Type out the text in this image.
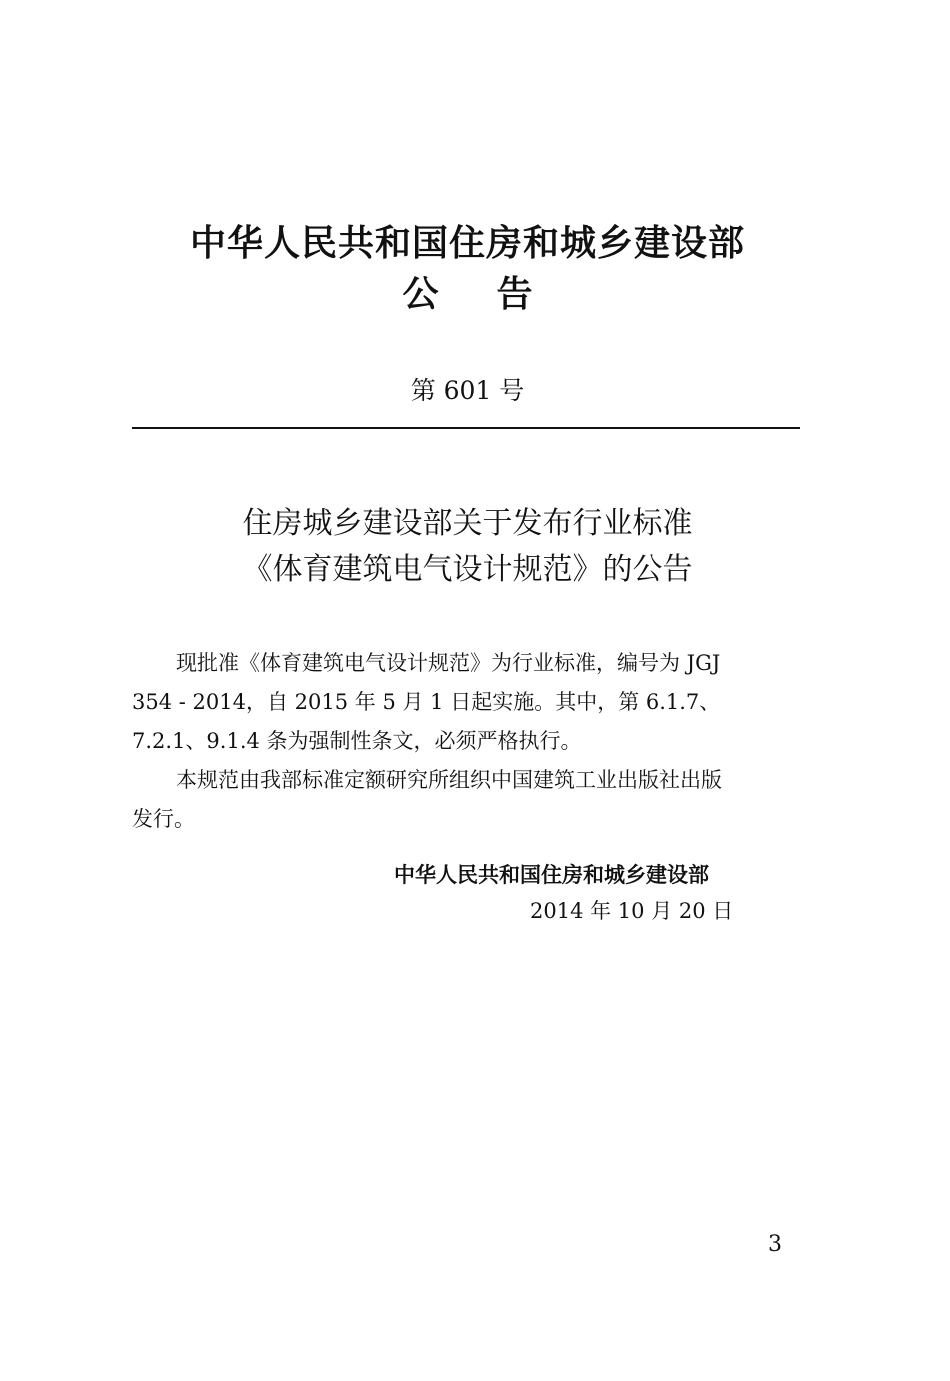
中华人民共和国住房和城乡建设部
公告
第 601 号
住房城乡建设部关于发布行业标准
《体育建筑电气设计规范》的公告
现批准《体育建筑电气设计规范》为行业标准，编号为 JGJ
354 - 2014，自 2015 年 5 月 1 日起实施。其中，第 6.1.7、
7.2.1、9.1.4 条为强制性条文，必须严格执行。
本规范由我部标准定额研究所组织中国建筑工业出版社出版
发行。
中华人民共和国住房和城乡建设部
2014 年 10 月 20 日
3
